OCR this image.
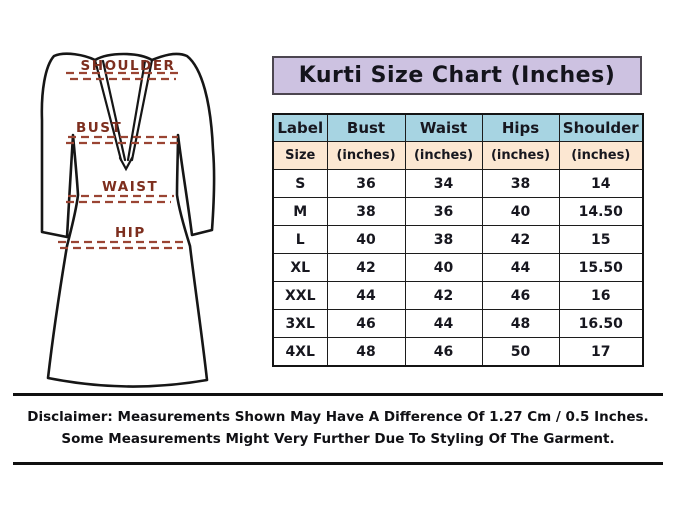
SHOULDER
BUST
WAIST
HIP
Kurti Size Chart (Inches)
Label	Bust	Waist	Hips	Shoulder
Size	(inches)	(inches)	(inches)	(inches)
S	36	34	38	14
M	38	36	40	14.50
L	40	38	42	15
XL	42	40	44	15.50
XXL	44	42	46	16
3XL	46	44	48	16.50
4XL	48	46	50	17
Disclaimer: Measurements Shown May Have A Difference Of 1.27 Cm / 0.5 Inches.
Some Measurements Might Very Further Due To Styling Of The Garment.
